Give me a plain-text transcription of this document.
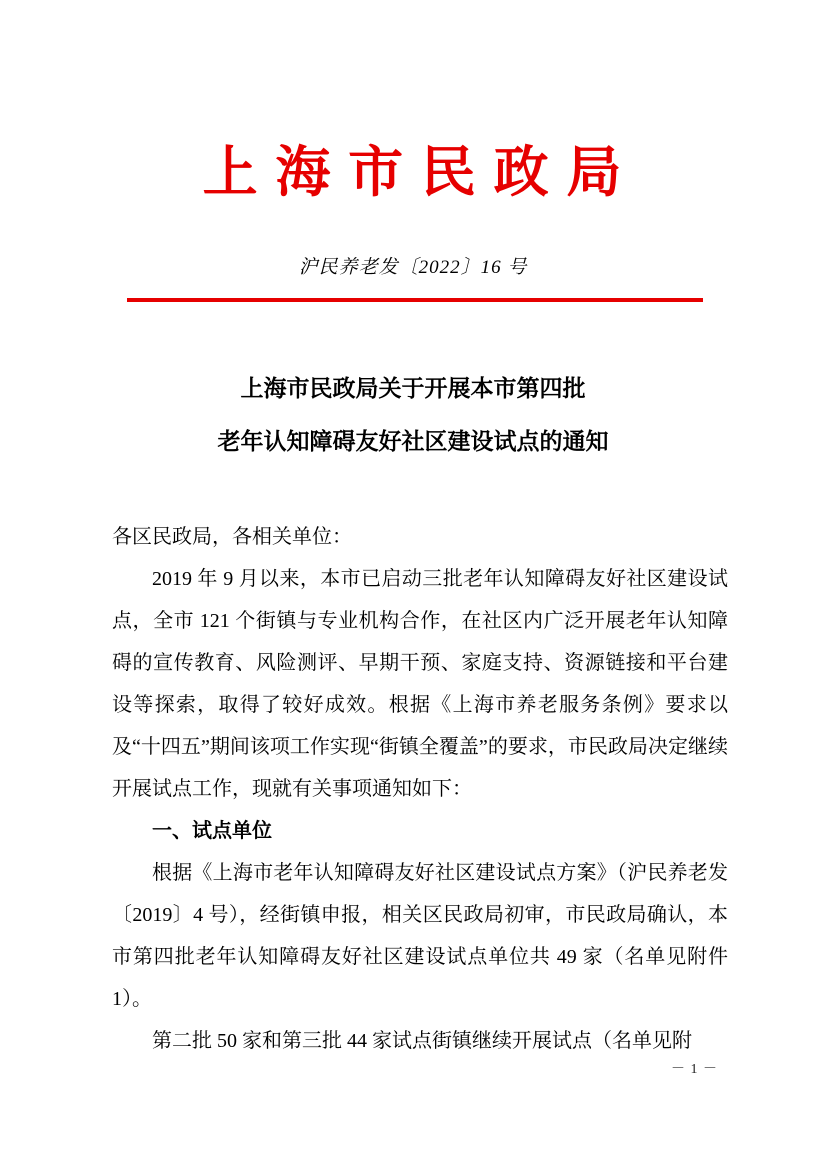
上 海 市 民 政 局
沪民养老发〔2022〕16 号
上海市民政局关于开展本市第四批
老年认知障碍友好社区建设试点的通知

各区民政局，各相关单位：

2019 年 9 月以来，本市已启动三批老年认知障碍友好社区建设试点，全市 121 个街镇与专业机构合作，在社区内广泛开展老年认知障碍的宣传教育、风险测评、早期干预、家庭支持、资源链接和平台建设等探索，取得了较好成效。根据《上海市养老服务条例》要求以及“十四五”期间该项工作实现“街镇全覆盖”的要求，市民政局决定继续开展试点工作，现就有关事项通知如下：

一、试点单位

根据《上海市老年认知障碍友好社区建设试点方案》（沪民养老发〔2019〕4 号），经街镇申报，相关区民政局初审，市民政局确认，本市第四批老年认知障碍友好社区建设试点单位共 49 家（名单见附件 1）。

第二批 50 家和第三批 44 家试点街镇继续开展试点（名单见附

－ 1 －
